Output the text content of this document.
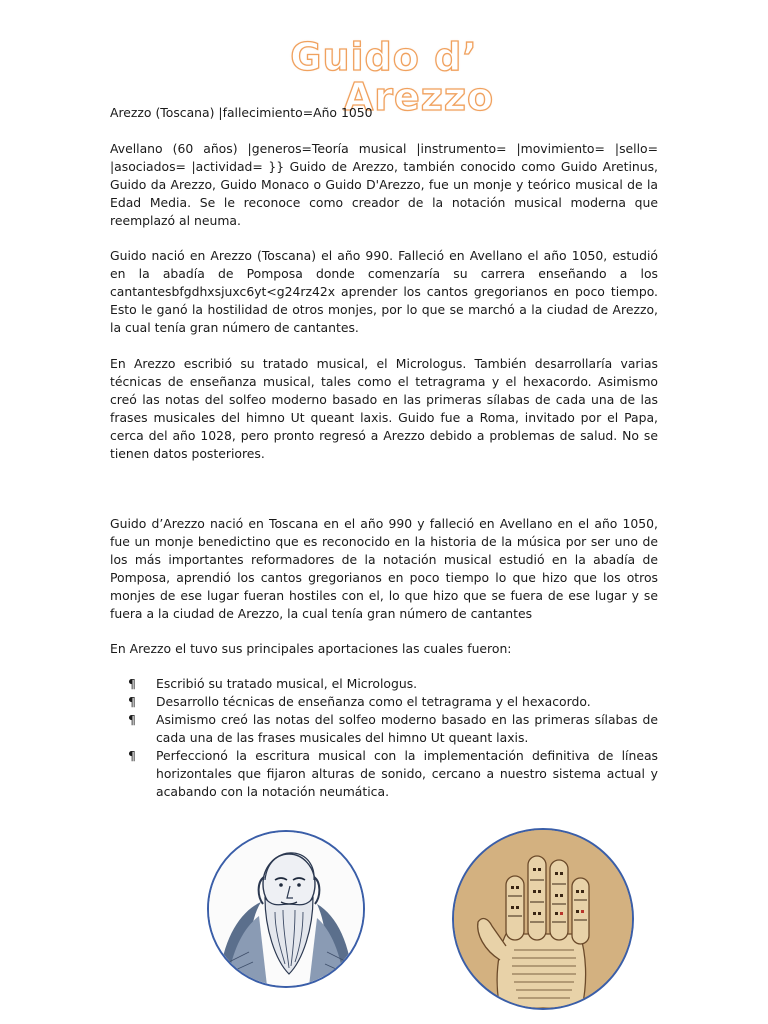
Guido d’
Arezzo

Arezzo (Toscana) |fallecimiento=Año 1050

Avellano (60 años) |generos=Teoría musical |instrumento= |movimiento= |sello= |asociados= |actividad= }} Guido de Arezzo, también conocido como Guido Aretinus, Guido da Arezzo, Guido Monaco o Guido D'Arezzo, fue un monje y teórico musical de la Edad Media. Se le reconoce como creador de la notación musical moderna que reemplazó al neuma.

Guido nació en Arezzo (Toscana) el año 990. Falleció en Avellano el año 1050, estudió en la abadía de Pomposa donde comenzaría su carrera enseñando a los cantantesbfgdhxsjuxc6yt<g24rz42x aprender los cantos gregorianos en poco tiempo. Esto le ganó la hostilidad de otros monjes, por lo que se marchó a la ciudad de Arezzo, la cual tenía gran número de cantantes.

En Arezzo escribió su tratado musical, el Micrologus. También desarrollaría varias técnicas de enseñanza musical, tales como el tetragrama y el hexacordo. Asimismo creó las notas del solfeo moderno basado en las primeras sílabas de cada una de las frases musicales del himno Ut queant laxis. Guido fue a Roma, invitado por el Papa, cerca del año 1028, pero pronto regresó a Arezzo debido a problemas de salud. No se tienen datos posteriores.

Guido d’Arezzo nació en Toscana en el año 990 y falleció en Avellano en el año 1050, fue un monje benedictino que es reconocido en la historia de la música por ser uno de los más importantes reformadores de la notación musical estudió en la abadía de Pomposa, aprendió los cantos gregorianos en poco tiempo lo que hizo que los otros monjes de ese lugar fueran hostiles con el, lo que hizo que se fuera de ese lugar y se fuera a la ciudad de Arezzo, la cual tenía gran número de cantantes

En Arezzo el tuvo sus principales aportaciones las cuales fueron:

¶ Escribió su tratado musical, el Micrologus.
¶ Desarrollo técnicas de enseñanza como el tetragrama y el hexacordo.
¶ Asimismo creó las notas del solfeo moderno basado en las primeras sílabas de cada una de las frases musicales del himno Ut queant laxis.
¶ Perfeccionó la escritura musical con la implementación definitiva de líneas horizontales que fijaron alturas de sonido, cercano a nuestro sistema actual y acabando con la notación neumática.
